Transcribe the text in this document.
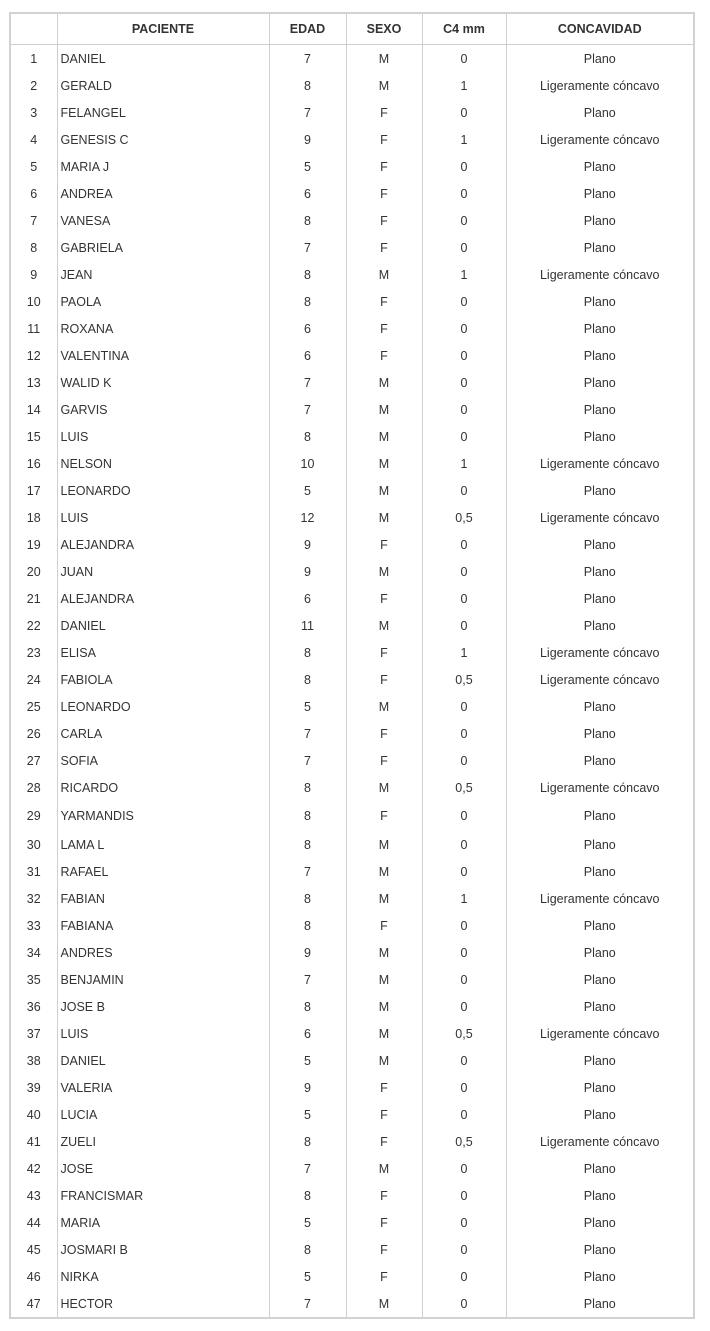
	PACIENTE	EDAD	SEXO	C4 mm	CONCAVIDAD
1	DANIEL	7	M	0	Plano
2	GERALD	8	M	1	Ligeramente cóncavo
3	FELANGEL	7	F	0	Plano
4	GENESIS C	9	F	1	Ligeramente cóncavo
5	MARIA J	5	F	0	Plano
6	ANDREA	6	F	0	Plano
7	VANESA	8	F	0	Plano
8	GABRIELA	7	F	0	Plano
9	JEAN	8	M	1	Ligeramente cóncavo
10	PAOLA	8	F	0	Plano
11	ROXANA	6	F	0	Plano
12	VALENTINA	6	F	0	Plano
13	WALID K	7	M	0	Plano
14	GARVIS	7	M	0	Plano
15	LUIS	8	M	0	Plano
16	NELSON	10	M	1	Ligeramente cóncavo
17	LEONARDO	5	M	0	Plano
18	LUIS	12	M	0,5	Ligeramente cóncavo
19	ALEJANDRA	9	F	0	Plano
20	JUAN	9	M	0	Plano
21	ALEJANDRA	6	F	0	Plano
22	DANIEL	11	M	0	Plano
23	ELISA	8	F	1	Ligeramente cóncavo
24	FABIOLA	8	F	0,5	Ligeramente cóncavo
25	LEONARDO	5	M	0	Plano
26	CARLA	7	F	0	Plano
27	SOFIA	7	F	0	Plano
28	RICARDO	8	M	0,5	Ligeramente cóncavo
29	YARMANDIS	8	F	0	Plano
30	LAMA L	8	M	0	Plano
31	RAFAEL	7	M	0	Plano
32	FABIAN	8	M	1	Ligeramente cóncavo
33	FABIANA	8	F	0	Plano
34	ANDRES	9	M	0	Plano
35	BENJAMIN	7	M	0	Plano
36	JOSE B	8	M	0	Plano
37	LUIS	6	M	0,5	Ligeramente cóncavo
38	DANIEL	5	M	0	Plano
39	VALERIA	9	F	0	Plano
40	LUCIA	5	F	0	Plano
41	ZUELI	8	F	0,5	Ligeramente cóncavo
42	JOSE	7	M	0	Plano
43	FRANCISMAR	8	F	0	Plano
44	MARIA	5	F	0	Plano
45	JOSMARI B	8	F	0	Plano
46	NIRKA	5	F	0	Plano
47	HECTOR	7	M	0	Plano
